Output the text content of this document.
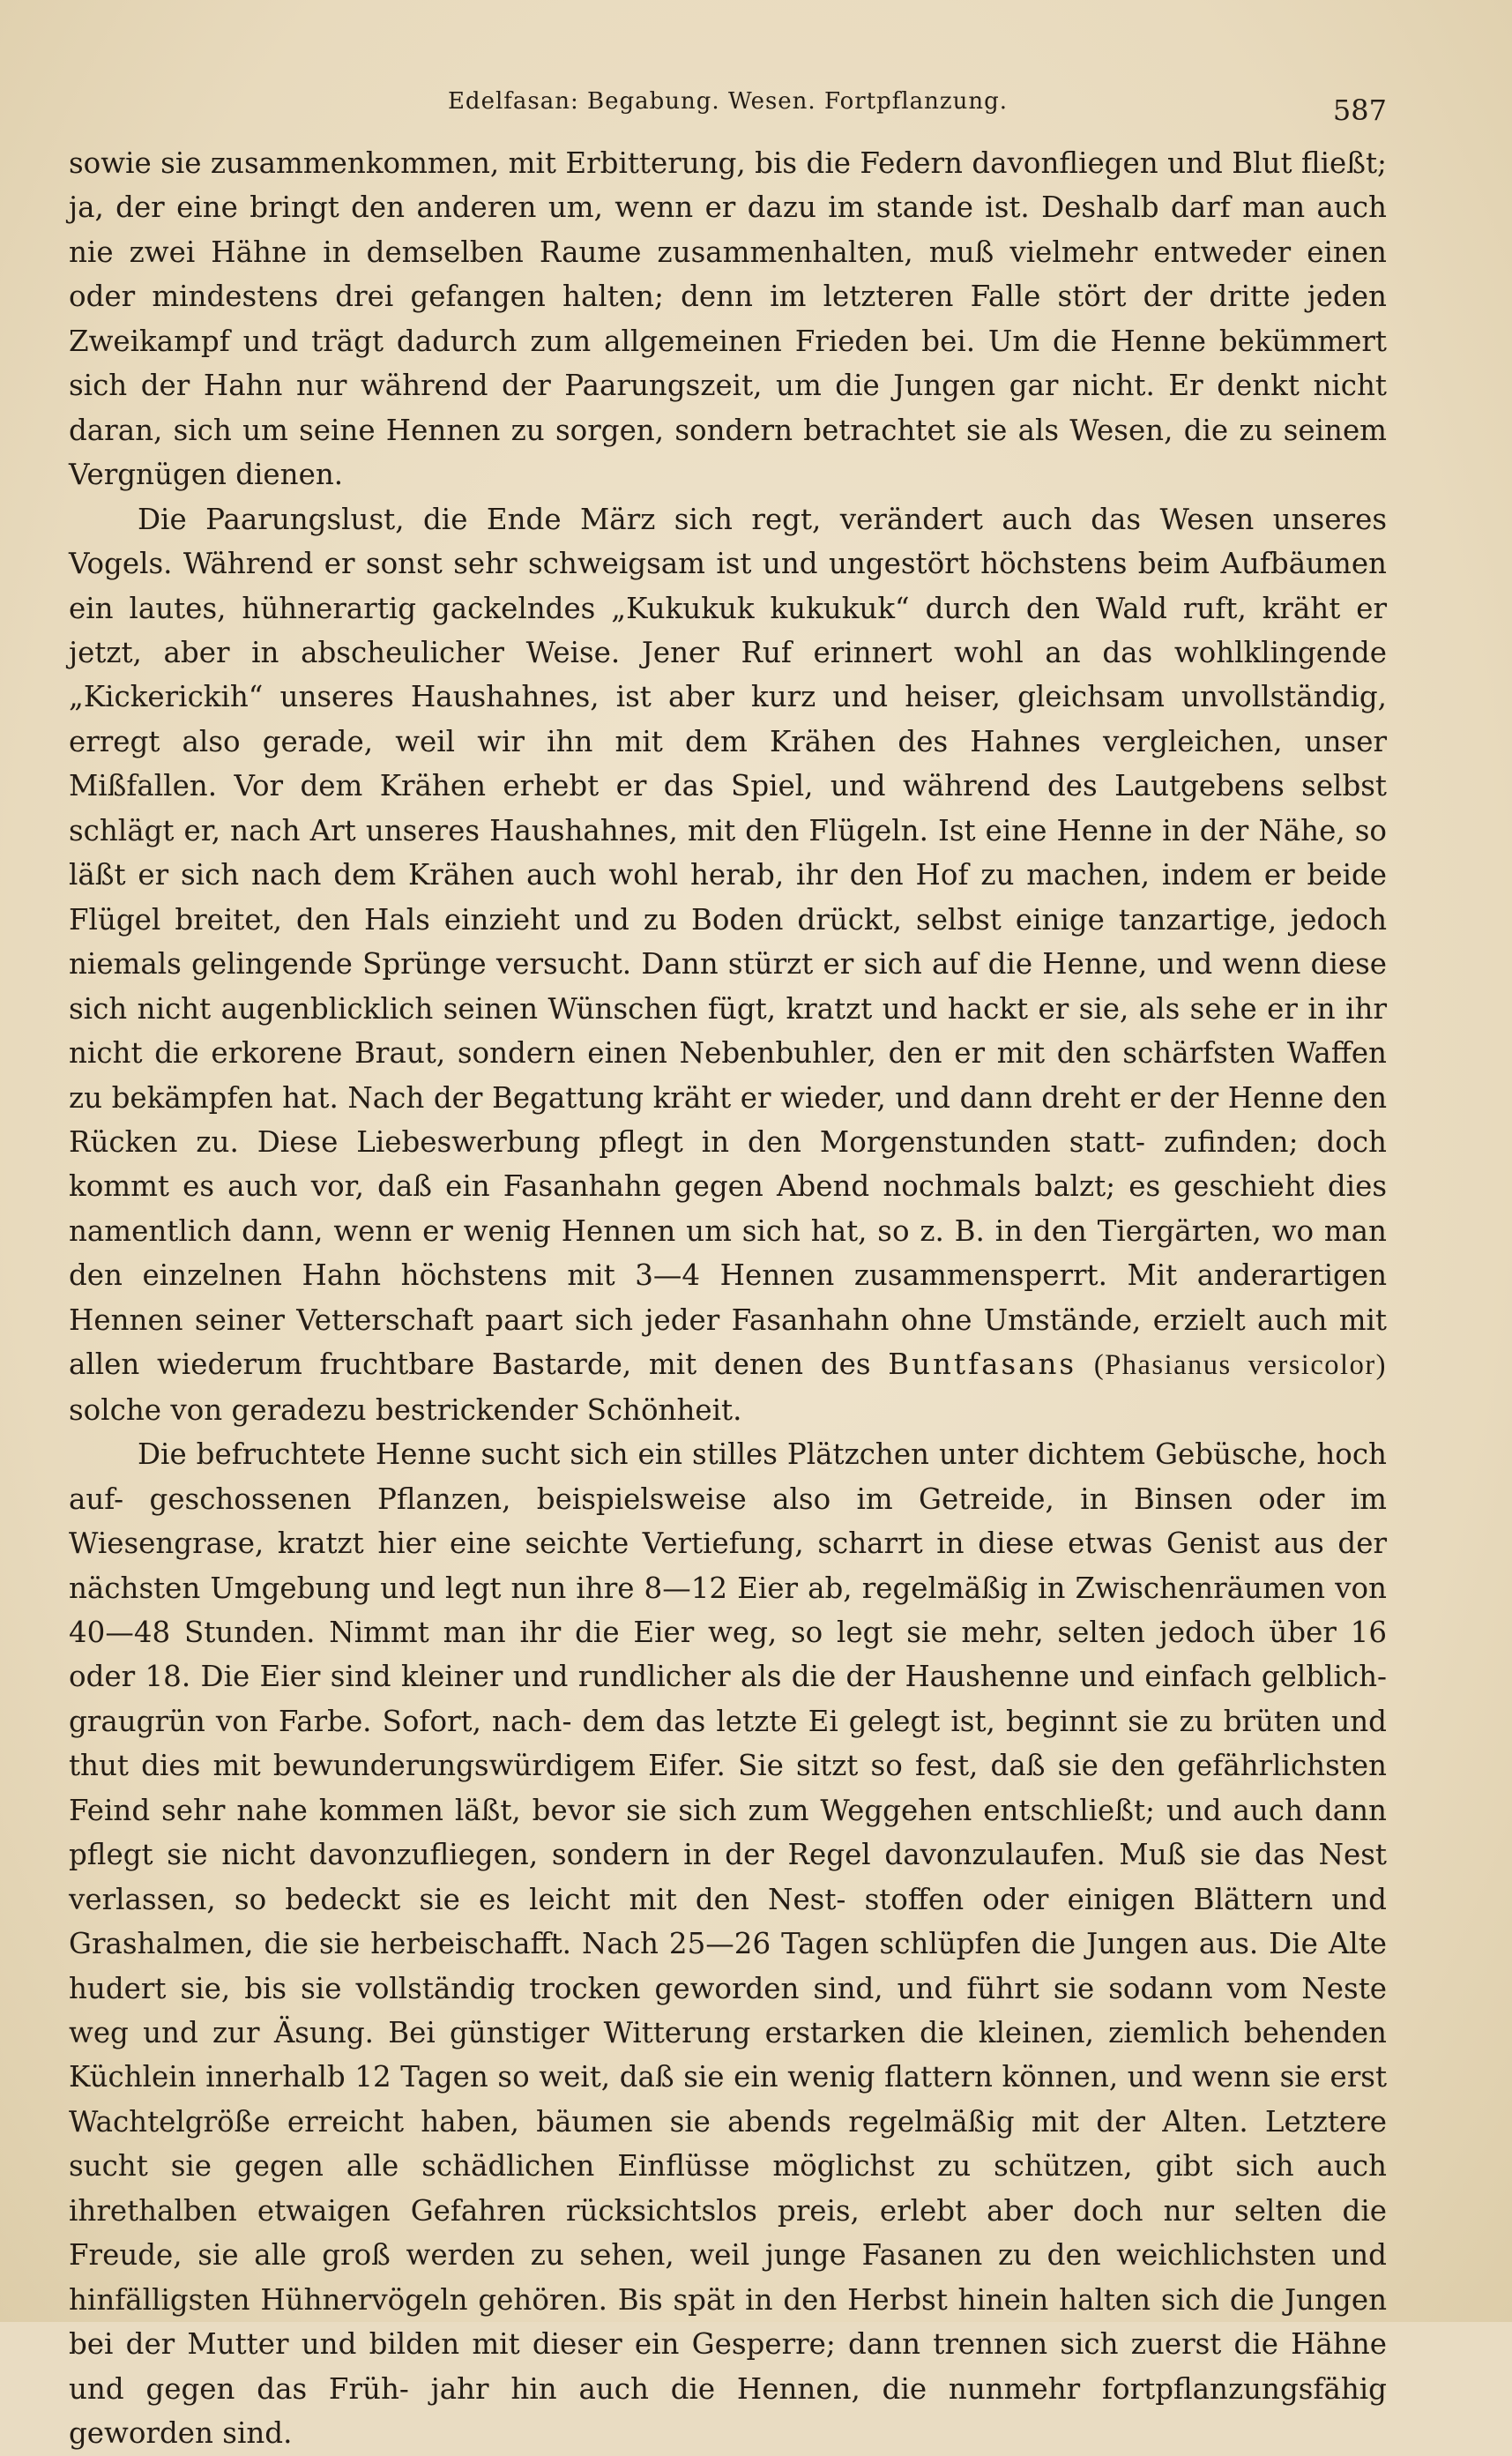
Edelfasan: Begabung. Wesen. Fortpflanzung.	587

sowie sie zusammenkommen, mit Erbitterung, bis die Federn davonfliegen und Blut fließt; ja, der eine bringt den anderen um, wenn er dazu im stande ist. Deshalb darf man auch nie zwei Hähne in demselben Raume zusammenhalten, muß vielmehr entweder einen oder mindestens drei gefangen halten; denn im letzteren Falle stört der dritte jeden Zweikampf und trägt dadurch zum allgemeinen Frieden bei. Um die Henne bekümmert sich der Hahn nur während der Paarungszeit, um die Jungen gar nicht. Er denkt nicht daran, sich um seine Hennen zu sorgen, sondern betrachtet sie als Wesen, die zu seinem Vergnügen dienen.

Die Paarungslust, die Ende März sich regt, verändert auch das Wesen unseres Vogels. Während er sonst sehr schweigsam ist und ungestört höchstens beim Aufbäumen ein lautes, hühnerartig gackelndes „Kukukuk kukukuk“ durch den Wald ruft, kräht er jetzt, aber in abscheulicher Weise. Jener Ruf erinnert wohl an das wohlklingende „Kickerickih“ unseres Haushahnes, ist aber kurz und heiser, gleichsam unvollständig, erregt also gerade, weil wir ihn mit dem Krähen des Hahnes vergleichen, unser Mißfallen. Vor dem Krähen erhebt er das Spiel, und während des Lautgebens selbst schlägt er, nach Art unseres Haushahnes, mit den Flügeln. Ist eine Henne in der Nähe, so läßt er sich nach dem Krähen auch wohl herab, ihr den Hof zu machen, indem er beide Flügel breitet, den Hals einzieht und zu Boden drückt, selbst einige tanzartige, jedoch niemals gelingende Sprünge versucht. Dann stürzt er sich auf die Henne, und wenn diese sich nicht augenblicklich seinen Wünschen fügt, kratzt und hackt er sie, als sehe er in ihr nicht die erkorene Braut, sondern einen Nebenbuhler, den er mit den schärfsten Waffen zu bekämpfen hat. Nach der Begattung kräht er wieder, und dann dreht er der Henne den Rücken zu. Diese Liebeswerbung pflegt in den Morgenstunden statt- zufinden; doch kommt es auch vor, daß ein Fasanhahn gegen Abend nochmals balzt; es geschieht dies namentlich dann, wenn er wenig Hennen um sich hat, so z. B. in den Tiergärten, wo man den einzelnen Hahn höchstens mit 3—4 Hennen zusammensperrt. Mit anderartigen Hennen seiner Vetterschaft paart sich jeder Fasanhahn ohne Umstände, erzielt auch mit allen wiederum fruchtbare Bastarde, mit denen des Buntfasans (Phasianus versicolor) solche von geradezu bestrickender Schönheit.

Die befruchtete Henne sucht sich ein stilles Plätzchen unter dichtem Gebüsche, hoch auf- geschossenen Pflanzen, beispielsweise also im Getreide, in Binsen oder im Wiesengrase, kratzt hier eine seichte Vertiefung, scharrt in diese etwas Genist aus der nächsten Umgebung und legt nun ihre 8—12 Eier ab, regelmäßig in Zwischenräumen von 40—48 Stunden. Nimmt man ihr die Eier weg, so legt sie mehr, selten jedoch über 16 oder 18. Die Eier sind kleiner und rundlicher als die der Haushenne und einfach gelblich-graugrün von Farbe. Sofort, nach- dem das letzte Ei gelegt ist, beginnt sie zu brüten und thut dies mit bewunderungswürdigem Eifer. Sie sitzt so fest, daß sie den gefährlichsten Feind sehr nahe kommen läßt, bevor sie sich zum Weggehen entschließt; und auch dann pflegt sie nicht davonzufliegen, sondern in der Regel davonzulaufen. Muß sie das Nest verlassen, so bedeckt sie es leicht mit den Nest- stoffen oder einigen Blättern und Grashalmen, die sie herbeischafft. Nach 25—26 Tagen schlüpfen die Jungen aus. Die Alte hudert sie, bis sie vollständig trocken geworden sind, und führt sie sodann vom Neste weg und zur Äsung. Bei günstiger Witterung erstarken die kleinen, ziemlich behenden Küchlein innerhalb 12 Tagen so weit, daß sie ein wenig flattern können, und wenn sie erst Wachtelgröße erreicht haben, bäumen sie abends regelmäßig mit der Alten. Letztere sucht sie gegen alle schädlichen Einflüsse möglichst zu schützen, gibt sich auch ihrethalben etwaigen Gefahren rücksichtslos preis, erlebt aber doch nur selten die Freude, sie alle groß werden zu sehen, weil junge Fasanen zu den weichlichsten und hinfälligsten Hühnervögeln gehören. Bis spät in den Herbst hinein halten sich die Jungen bei der Mutter und bilden mit dieser ein Gesperre; dann trennen sich zuerst die Hähne und gegen das Früh- jahr hin auch die Hennen, die nunmehr fortpflanzungsfähig geworden sind.
